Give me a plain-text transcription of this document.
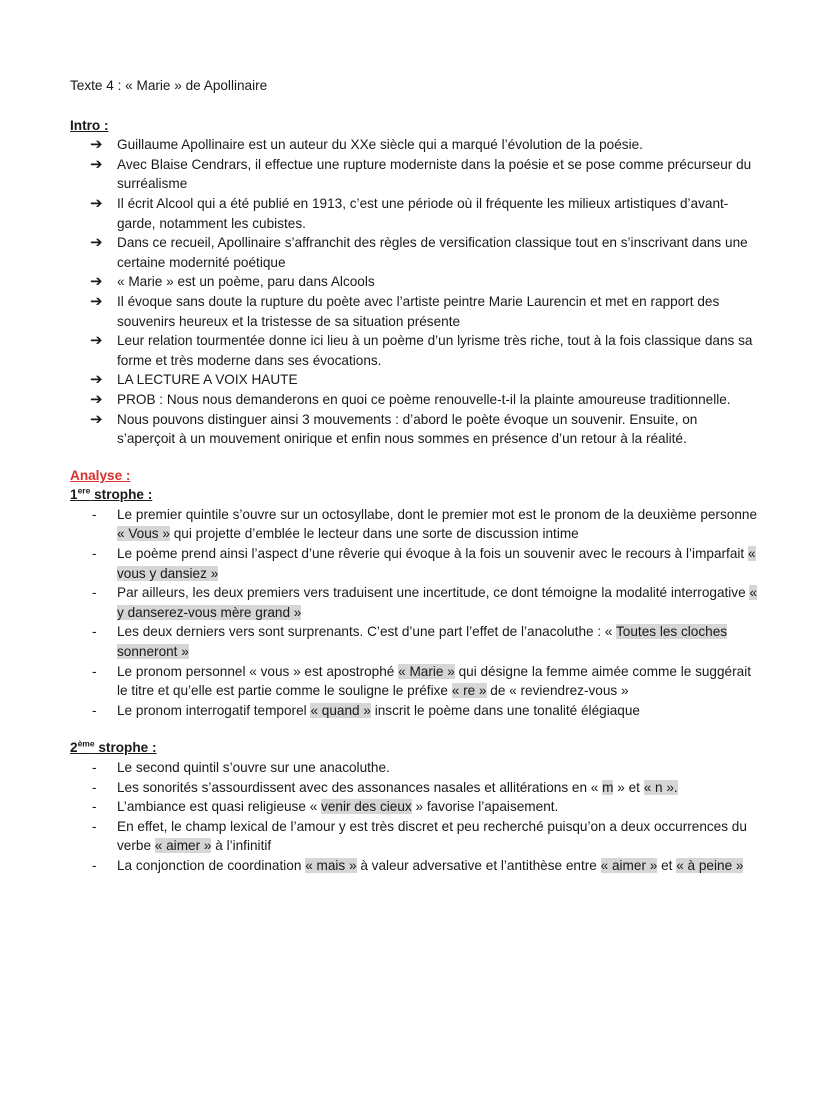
Texte 4 : « Marie » de Apollinaire

Intro :

➔ Guillaume Apollinaire est un auteur du XXe siècle qui a marqué l’évolution de la poésie.
➔ Avec Blaise Cendrars, il effectue une rupture moderniste dans la poésie et se pose comme précurseur du surréalisme
➔ Il écrit Alcool qui a été publié en 1913, c’est une période où il fréquente les milieux artistiques d’avant-garde, notamment les cubistes.
➔ Dans ce recueil, Apollinaire s’affranchit des règles de versification classique tout en s’inscrivant dans une certaine modernité poétique
➔ « Marie » est un poème, paru dans Alcools
➔ Il évoque sans doute la rupture du poète avec l’artiste peintre Marie Laurencin et met en rapport des souvenirs heureux et la tristesse de sa situation présente
➔ Leur relation tourmentée donne ici lieu à un poème d’un lyrisme très riche, tout à la fois classique dans sa forme et très moderne dans ses évocations.
➔ LA LECTURE A VOIX HAUTE
➔ PROB : Nous nous demanderons en quoi ce poème renouvelle-t-il la plainte amoureuse traditionnelle.
➔ Nous pouvons distinguer ainsi 3 mouvements : d’abord le poète évoque un souvenir. Ensuite, on s’aperçoit à un mouvement onirique et enfin nous sommes en présence d’un retour à la réalité.

Analyse :

1ere strophe :

- Le premier quintile s’ouvre sur un octosyllabe, dont le premier mot est le pronom de la deuxième personne « Vous » qui projette d’emblée le lecteur dans une sorte de discussion intime
- Le poème prend ainsi l’aspect d’une rêverie qui évoque à la fois un souvenir avec le recours à l’imparfait « vous y dansiez »
- Par ailleurs, les deux premiers vers traduisent une incertitude, ce dont témoigne la modalité interrogative « y danserez-vous mère grand »
- Les deux derniers vers sont surprenants. C’est d’une part l’effet de l’anacoluthe : « Toutes les cloches sonneront »
- Le pronom personnel « vous » est apostrophé « Marie » qui désigne la femme aimée comme le suggérait le titre et qu’elle est partie comme le souligne le préfixe « re » de « reviendrez-vous »
- Le pronom interrogatif temporel « quand » inscrit le poème dans une tonalité élégiaque

2ème strophe :

- Le second quintil s’ouvre sur une anacoluthe.
- Les sonorités s’assourdissent avec des assonances nasales et allitérations en « m » et « n ».
- L’ambiance est quasi religieuse « venir des cieux » favorise l’apaisement.
- En effet, le champ lexical de l’amour y est très discret et peu recherché puisqu’on a deux occurrences du verbe « aimer » à l’infinitif
- La conjonction de coordination « mais » à valeur adversative et l’antithèse entre « aimer » et « à peine »
